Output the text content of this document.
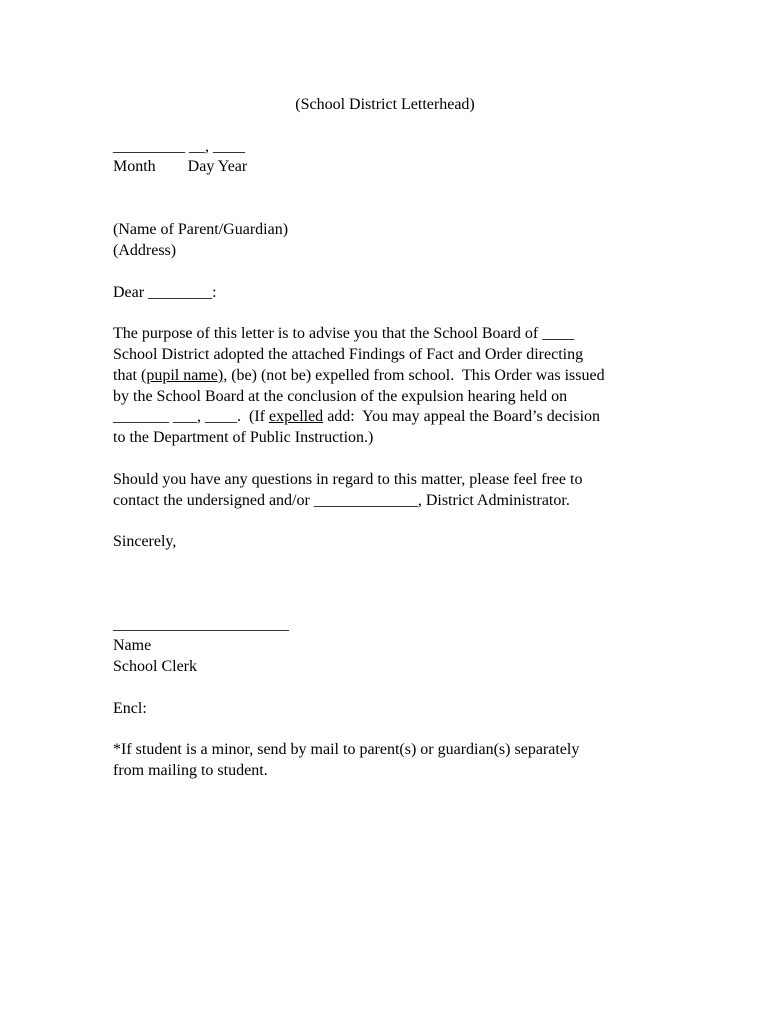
(School District Letterhead)
_________ __, ____
Month        Day Year
(Name of Parent/Guardian)
(Address)
Dear ________:
The purpose of this letter is to advise you that the School Board of ____
School District adopted the attached Findings of Fact and Order directing
that (pupil name), (be) (not be) expelled from school.  This Order was issued
by the School Board at the conclusion of the expulsion hearing held on
_______ ___, ____.  (If expelled add:  You may appeal the Board’s decision
to the Department of Public Instruction.)
Should you have any questions in regard to this matter, please feel free to
contact the undersigned and/or _____________, District Administrator.
Sincerely,
______________________
Name
School Clerk
Encl:
*If student is a minor, send by mail to parent(s) or guardian(s) separately
from mailing to student.
